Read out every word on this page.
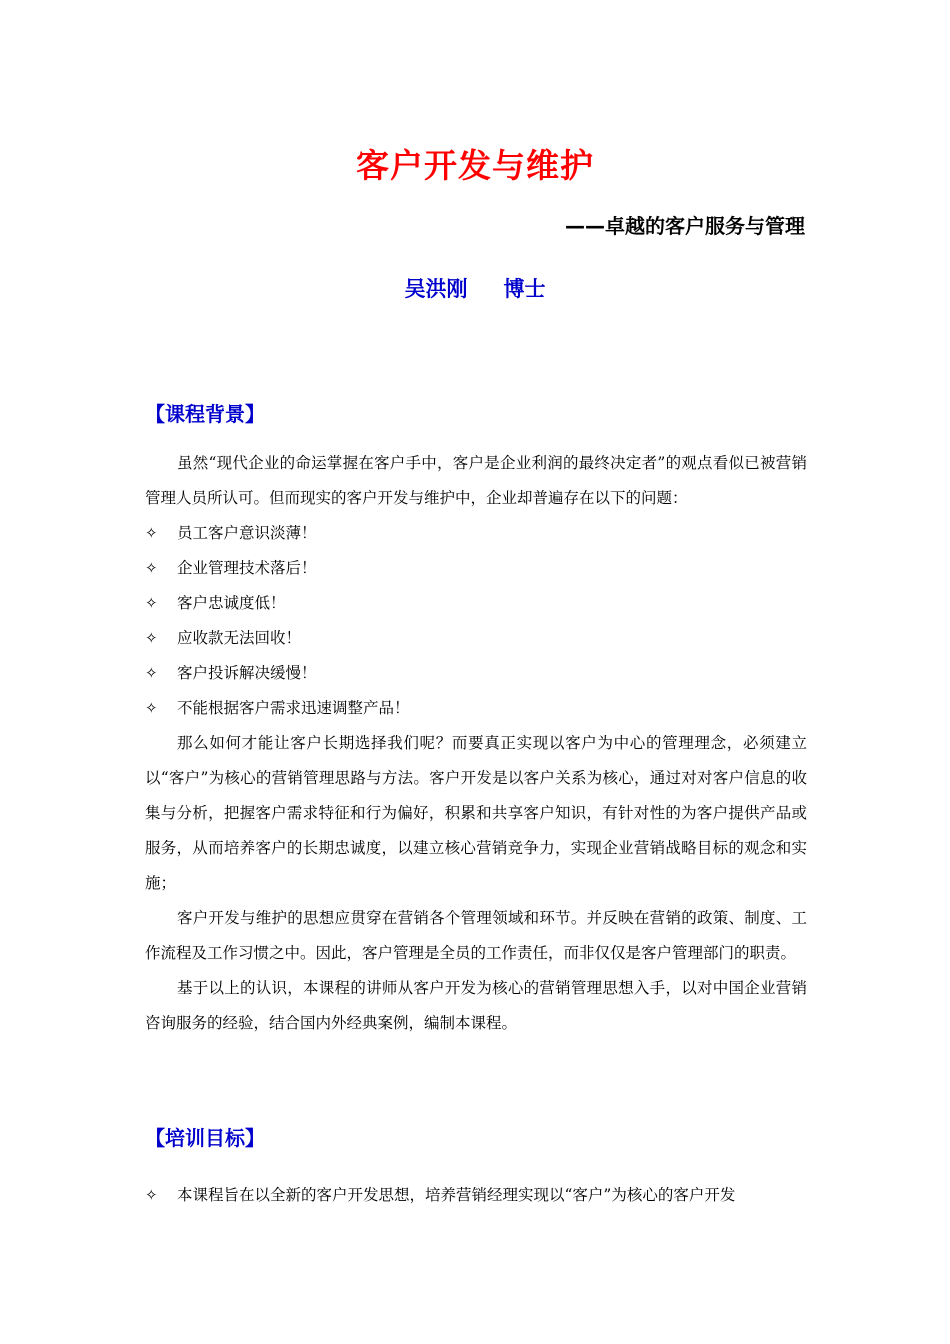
客户开发与维护
——卓越的客户服务与管理
吴洪刚 博士
【课程背景】

虽然“现代企业的命运掌握在客户手中，客户是企业利润的最终决定者”的观点看似已被营销管理人员所认可。但而现实的客户开发与维护中，企业却普遍存在以下的问题：

✧	员工客户意识淡薄！
✧	企业管理技术落后！
✧	客户忠诚度低！
✧	应收款无法回收！
✧	客户投诉解决缓慢！
✧	不能根据客户需求迅速调整产品！

那么如何才能让客户长期选择我们呢？而要真正实现以客户为中心的管理理念，必须建立以“客户”为核心的营销管理思路与方法。客户开发是以客户关系为核心，通过对对客户信息的收集与分析，把握客户需求特征和行为偏好，积累和共享客户知识，有针对性的为客户提供产品或服务，从而培养客户的长期忠诚度，以建立核心营销竞争力，实现企业营销战略目标的观念和实施；

客户开发与维护的思想应贯穿在营销各个管理领域和环节。并反映在营销的政策、制度、工作流程及工作习惯之中。因此，客户管理是全员的工作责任，而非仅仅是客户管理部门的职责。

基于以上的认识，本课程的讲师从客户开发为核心的营销管理思想入手，以对中国企业营销咨询服务的经验，结合国内外经典案例，编制本课程。

【培训目标】
✧	本课程旨在以全新的客户开发思想，培养营销经理实现以“客户”为核心的客户开发
